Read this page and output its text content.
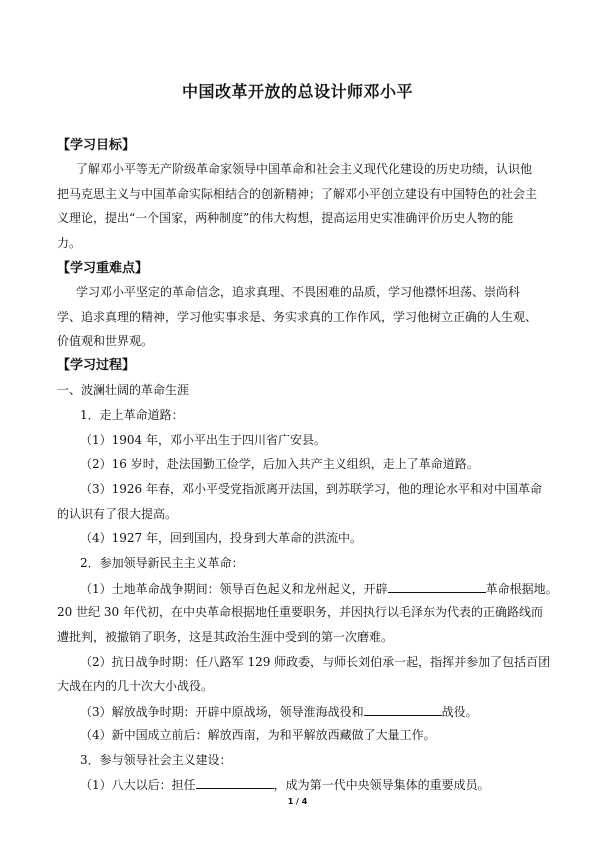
中国改革开放的总设计师邓小平
【学习目标】
了解邓小平等无产阶级革命家领导中国革命和社会主义现代化建设的历史功绩，认识他
把马克思主义与中国革命实际相结合的创新精神；了解邓小平创立建设有中国特色的社会主
义理论，提出“一个国家，两种制度”的伟大构想，提高运用史实准确评价历史人物的能
力。
【学习重难点】
学习邓小平坚定的革命信念，追求真理、不畏困难的品质，学习他襟怀坦荡、崇尚科
学、追求真理的精神，学习他实事求是、务实求真的工作作风，学习他树立正确的人生观、
价值观和世界观。
【学习过程】
一、波澜壮阔的革命生涯
1．走上革命道路：
（1）1904 年，邓小平出生于四川省广安县。
（2）16 岁时，赴法国勤工俭学，后加入共产主义组织，走上了革命道路。
（3）1926 年春，邓小平受党指派离开法国，到苏联学习，他的理论水平和对中国革命
的认识有了很大提高。
（4）1927 年，回到国内，投身到大革命的洪流中。
2．参加领导新民主主义革命：
（1）土地革命战争期间：领导百色起义和龙州起义，开辟	革命根据地。
20 世纪 30 年代初，在中央革命根据地任重要职务，并因执行以毛泽东为代表的正确路线而
遭批判，被撤销了职务，这是其政治生涯中受到的第一次磨难。
（2）抗日战争时期：任八路军 129 师政委，与师长刘伯承一起，指挥并参加了包括百团
大战在内的几十次大小战役。
（3）解放战争时期：开辟中原战场，领导淮海战役和	战役。
（4）新中国成立前后：解放西南，为和平解放西藏做了大量工作。
3．参与领导社会主义建设：
（1）八大以后：担任	，成为第一代中央领导集体的重要成员。
1 / 4
